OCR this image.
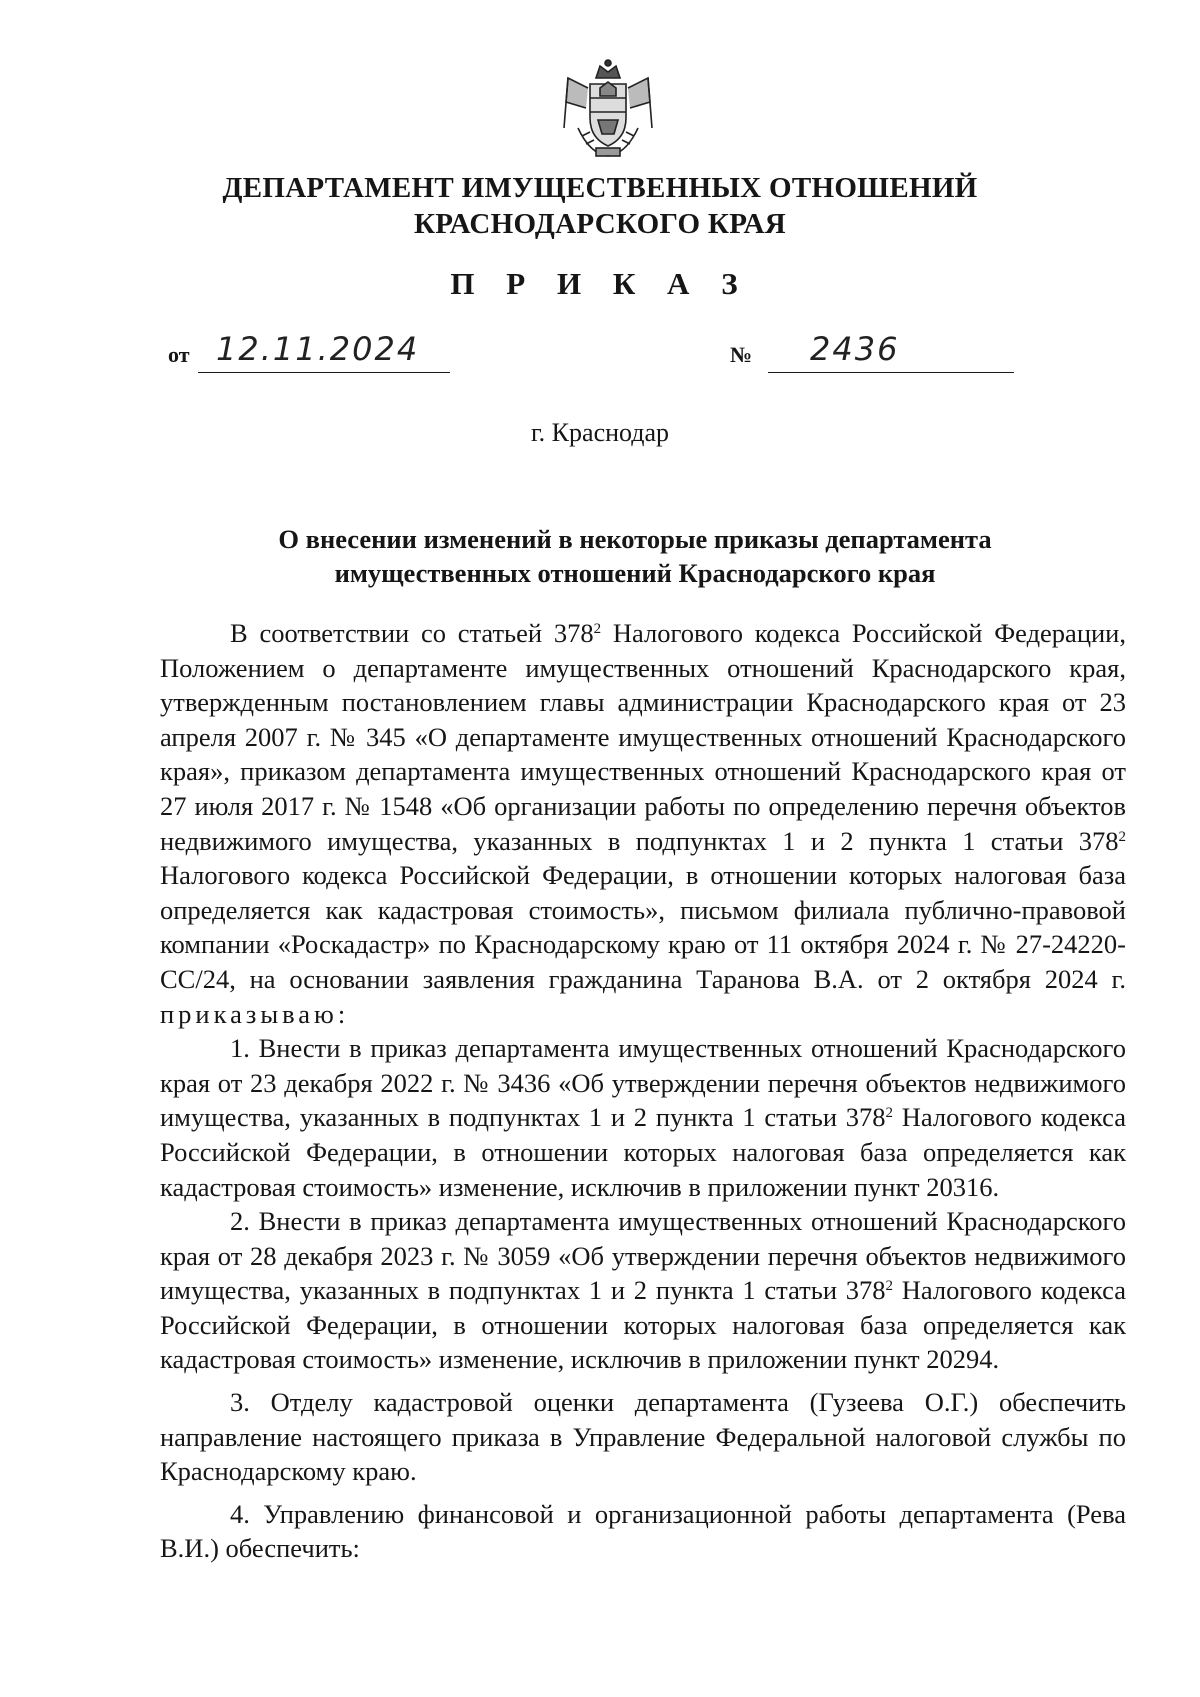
ДЕПАРТАМЕНТ ИМУЩЕСТВЕННЫХ ОТНОШЕНИЙ
КРАСНОДАРСКОГО КРАЯ
П Р И К А З
от 12.11.2024	№ 2436
г. Краснодар
О внесении изменений в некоторые приказы департамента
имущественных отношений Краснодарского края

В соответствии со статьей $378^2$ Налогового кодекса Российской Федерации, Положением о департаменте имущественных отношений Краснодарского края, утвержденным постановлением главы администрации Краснодарского края от 23 апреля 2007 г. № 345 «О департаменте имущественных отношений Краснодарского края», приказом департамента имущественных отношений Краснодарского края от 27 июля 2017 г. № 1548 «Об организации работы по определению перечня объектов недвижимого имущества, указанных в подпунктах 1 и 2 пункта 1 статьи $378^2$ Налогового кодекса Российской Федерации, в отношении которых налоговая база определяется как кадастровая стоимость», письмом филиала публично-правовой компании «Роскадастр» по Краснодарскому краю от 11 октября 2024 г. № 27-24220-СС/24, на основании заявления гражданина Таранова В.А. от 2 октября 2024 г. приказываю:

1. Внести в приказ департамента имущественных отношений Краснодарского края от 23 декабря 2022 г. № 3436 «Об утверждении перечня объектов недвижимого имущества, указанных в подпунктах 1 и 2 пункта 1 статьи $378^2$ Налогового кодекса Российской Федерации, в отношении которых налоговая база определяется как кадастровая стоимость» изменение, исключив в приложении пункт 20316.

2. Внести в приказ департамента имущественных отношений Краснодарского края от 28 декабря 2023 г. № 3059 «Об утверждении перечня объектов недвижимого имущества, указанных в подпунктах 1 и 2 пункта 1 статьи $378^2$ Налогового кодекса Российской Федерации, в отношении которых налоговая база определяется как кадастровая стоимость» изменение, исключив в приложении пункт 20294.

3. Отделу кадастровой оценки департамента (Гузеева О.Г.) обеспечить направление настоящего приказа в Управление Федеральной налоговой службы по Краснодарскому краю.

4. Управлению финансовой и организационной работы департамента (Рева В.И.) обеспечить:
